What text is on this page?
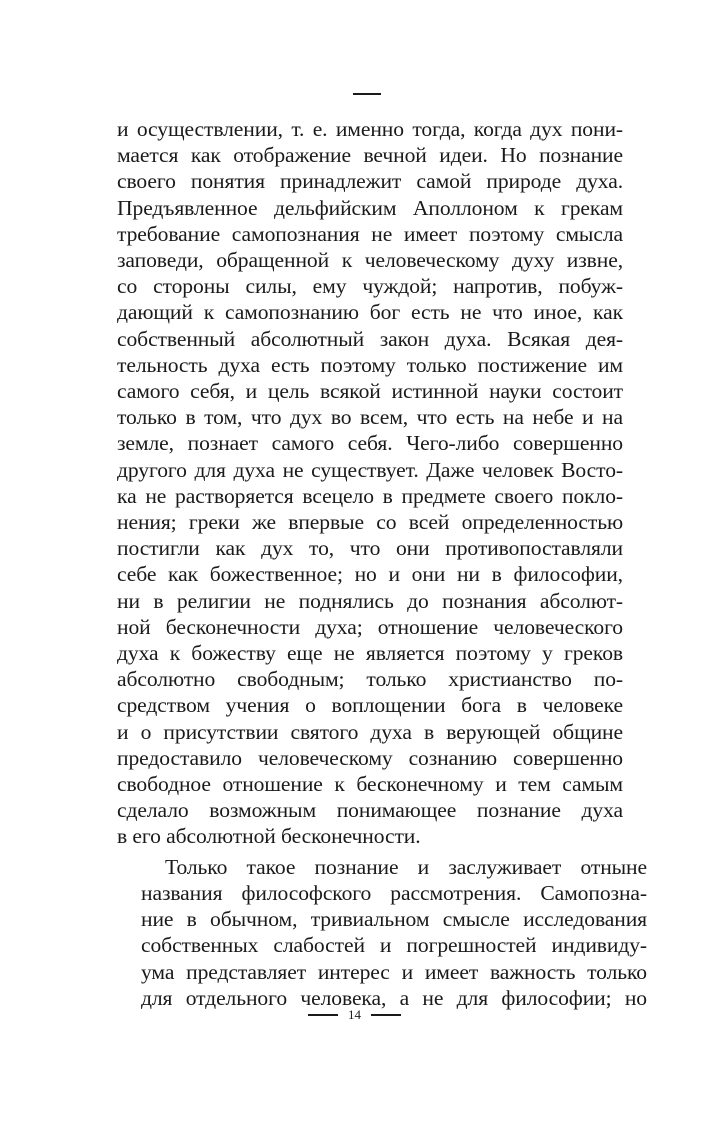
и осуществлении, т. е. именно тогда, когда дух пони-
мается как отображение вечной идеи. Но познание
своего понятия принадлежит самой природе духа.
Предъявленное дельфийским Аполлоном к грекам
требование самопознания не имеет поэтому смысла
заповеди, обращенной к человеческому духу извне,
со стороны силы, ему чуждой; напротив, побуж-
дающий к самопознанию бог есть не что иное, как
собственный абсолютный закон духа. Всякая дея-
тельность духа есть поэтому только постижение им
самого себя, и цель всякой истинной науки состоит
только в том, что дух во всем, что есть на небе и на
земле, познает самого себя. Чего-либо совершенно
другого для духа не существует. Даже человек Восто-
ка не растворяется всецело в предмете своего покло-
нения; греки же впервые со всей определенностью
постигли как дух то, что они противопоставляли
себе как божественное; но и они ни в философии,
ни в религии не поднялись до познания абсолют-
ной бесконечности духа; отношение человеческого
духа к божеству еще не является поэтому у греков
абсолютно свободным; только христианство по-
средством учения о воплощении бога в человеке
и о присутствии святого духа в верующей общине
предоставило человеческому сознанию совершенно
свободное отношение к бесконечному и тем самым
сделало возможным понимающее познание духа
в его абсолютной бесконечности.

Только такое познание и заслуживает отныне
названия философского рассмотрения. Самопозна-
ние в обычном, тривиальном смысле исследования
собственных слабостей и погрешностей индивиду-
ума представляет интерес и имеет важность только
для отдельного человека, а не для философии; но

14
